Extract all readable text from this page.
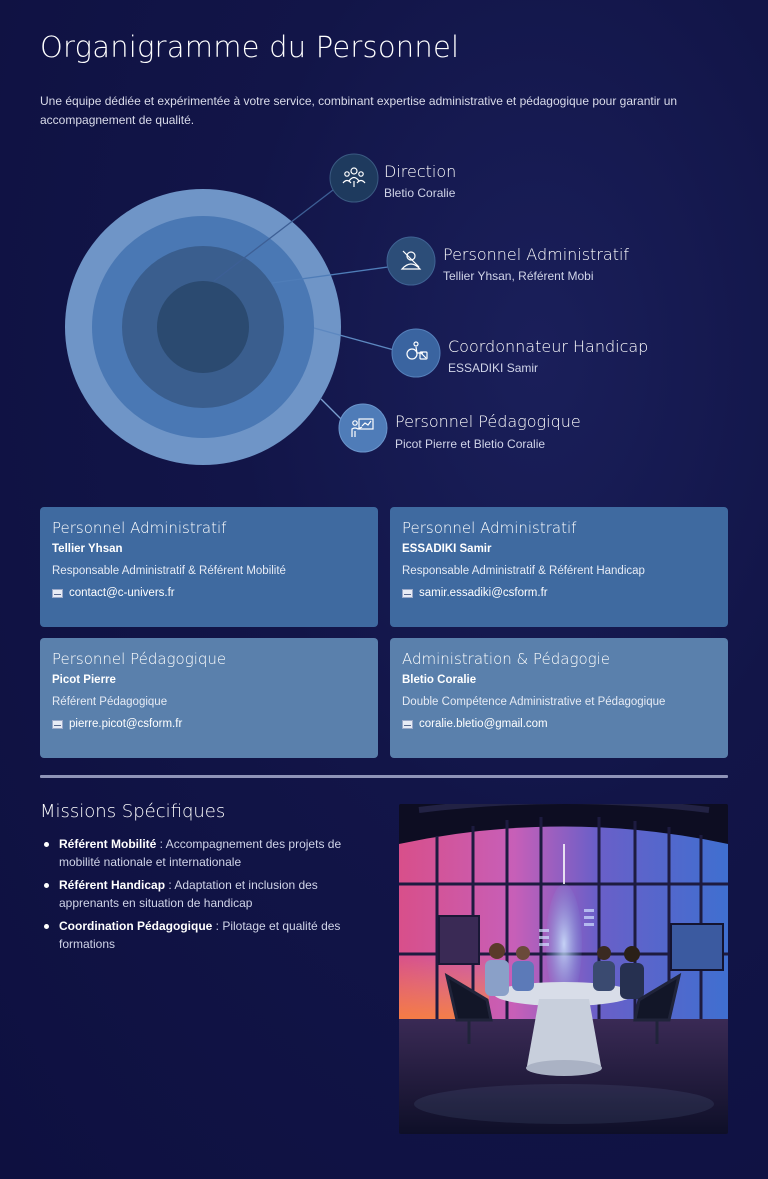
Organigramme du Personnel

Une équipe dédiée et expérimentée à votre service, combinant expertise administrative et pédagogique pour garantir un accompagnement de qualité.

Direction
Bletio Coralie
Personnel Administratif
Tellier Yhsan, Référent Mobi
Coordonnateur Handicap
ESSADIKI Samir
Personnel Pédagogique
Picot Pierre et Bletio Coralie
Personnel Administratif
Tellier Yhsan
Responsable Administratif & Référent Mobilité
contact@c-univers.fr
Personnel Administratif
ESSADIKI Samir
Responsable Administratif & Référent Handicap
samir.essadiki@csform.fr
Personnel Pédagogique
Picot Pierre
Référent Pédagogique
pierre.picot@csform.fr
Administration & Pédagogie
Bletio Coralie
Double Compétence Administrative et Pédagogique
coralie.bletio@gmail.com
Missions Spécifiques
Référent Mobilité : Accompagnement des projets de mobilité nationale et internationale
Référent Handicap : Adaptation et inclusion des apprenants en situation de handicap
Coordination Pédagogique : Pilotage et qualité des formations
